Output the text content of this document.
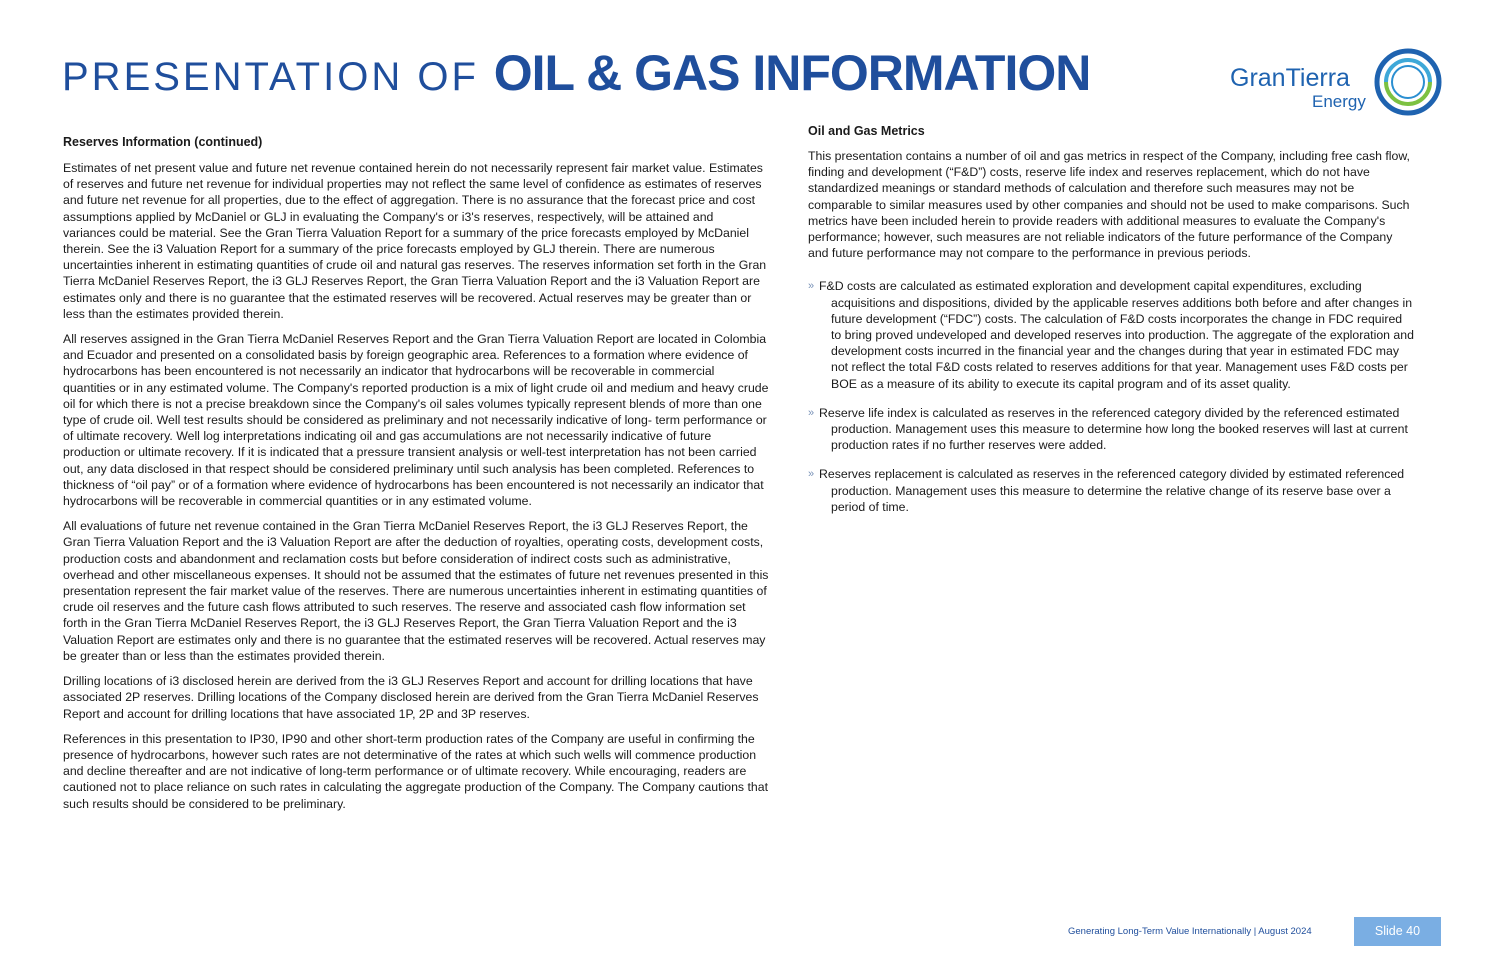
PRESENTATION OF OIL & GAS INFORMATION	GranTierra
Energy
Reserves Information (continued)

Estimates of net present value and future net revenue contained herein do not necessarily represent fair market value. Estimates of reserves and future net revenue for individual properties may not reflect the same level of confidence as estimates of reserves and future net revenue for all properties, due to the effect of aggregation. There is no assurance that the forecast price and cost assumptions applied by McDaniel or GLJ in evaluating the Company's or i3's reserves, respectively, will be attained and variances could be material. See the Gran Tierra Valuation Report for a summary of the price forecasts employed by McDaniel therein. See the i3 Valuation Report for a summary of the price forecasts employed by GLJ therein. There are numerous uncertainties inherent in estimating quantities of crude oil and natural gas reserves. The reserves information set forth in the Gran Tierra McDaniel Reserves Report, the i3 GLJ Reserves Report, the Gran Tierra Valuation Report and the i3 Valuation Report are estimates only and there is no guarantee that the estimated reserves will be recovered. Actual reserves may be greater than or less than the estimates provided therein.

All reserves assigned in the Gran Tierra McDaniel Reserves Report and the Gran Tierra Valuation Report are located in Colombia and Ecuador and presented on a consolidated basis by foreign geographic area. References to a formation where evidence of hydrocarbons has been encountered is not necessarily an indicator that hydrocarbons will be recoverable in commercial quantities or in any estimated volume. The Company's reported production is a mix of light crude oil and medium and heavy crude oil for which there is not a precise breakdown since the Company's oil sales volumes typically represent blends of more than one type of crude oil. Well test results should be considered as preliminary and not necessarily indicative of long- term performance or of ultimate recovery. Well log interpretations indicating oil and gas accumulations are not necessarily indicative of future production or ultimate recovery. If it is indicated that a pressure transient analysis or well-test interpretation has not been carried out, any data disclosed in that respect should be considered preliminary until such analysis has been completed. References to thickness of “oil pay” or of a formation where evidence of hydrocarbons has been encountered is not necessarily an indicator that hydrocarbons will be recoverable in commercial quantities or in any estimated volume.

All evaluations of future net revenue contained in the Gran Tierra McDaniel Reserves Report, the i3 GLJ Reserves Report, the Gran Tierra Valuation Report and the i3 Valuation Report are after the deduction of royalties, operating costs, development costs, production costs and abandonment and reclamation costs but before consideration of indirect costs such as administrative, overhead and other miscellaneous expenses. It should not be assumed that the estimates of future net revenues presented in this presentation represent the fair market value of the reserves. There are numerous uncertainties inherent in estimating quantities of crude oil reserves and the future cash flows attributed to such reserves. The reserve and associated cash flow information set forth in the Gran Tierra McDaniel Reserves Report, the i3 GLJ Reserves Report, the Gran Tierra Valuation Report and the i3 Valuation Report are estimates only and there is no guarantee that the estimated reserves will be recovered. Actual reserves may be greater than or less than the estimates provided therein.

Drilling locations of i3 disclosed herein are derived from the i3 GLJ Reserves Report and account for drilling locations that have associated 2P reserves. Drilling locations of the Company disclosed herein are derived from the Gran Tierra McDaniel Reserves Report and account for drilling locations that have associated 1P, 2P and 3P reserves.

References in this presentation to IP30, IP90 and other short-term production rates of the Company are useful in confirming the presence of hydrocarbons, however such rates are not determinative of the rates at which such wells will commence production and decline thereafter and are not indicative of long-term performance or of ultimate recovery. While encouraging, readers are cautioned not to place reliance on such rates in calculating the aggregate production of the Company. The Company cautions that such results should be considered to be preliminary.

Oil and Gas Metrics

This presentation contains a number of oil and gas metrics in respect of the Company, including free cash flow, finding and development (“F&D”) costs, reserve life index and reserves replacement, which do not have standardized meanings or standard methods of calculation and therefore such measures may not be comparable to similar measures used by other companies and should not be used to make comparisons. Such metrics have been included herein to provide readers with additional measures to evaluate the Company's performance; however, such measures are not reliable indicators of the future performance of the Company and future performance may not compare to the performance in previous periods.

» F&D costs are calculated as estimated exploration and development capital expenditures, excluding acquisitions and dispositions, divided by the applicable reserves additions both before and after changes in future development (“FDC”) costs. The calculation of F&D costs incorporates the change in FDC required to bring proved undeveloped and developed reserves into production. The aggregate of the exploration and development costs incurred in the financial year and the changes during that year in estimated FDC may not reflect the total F&D costs related to reserves additions for that year. Management uses F&D costs per BOE as a measure of its ability to execute its capital program and of its asset quality.
» Reserve life index is calculated as reserves in the referenced category divided by the referenced estimated production. Management uses this measure to determine how long the booked reserves will last at current production rates if no further reserves were added.
» Reserves replacement is calculated as reserves in the referenced category divided by estimated referenced production. Management uses this measure to determine the relative change of its reserve base over a period of time.
Generating Long-Term Value Internationally | August 2024	Slide 40
